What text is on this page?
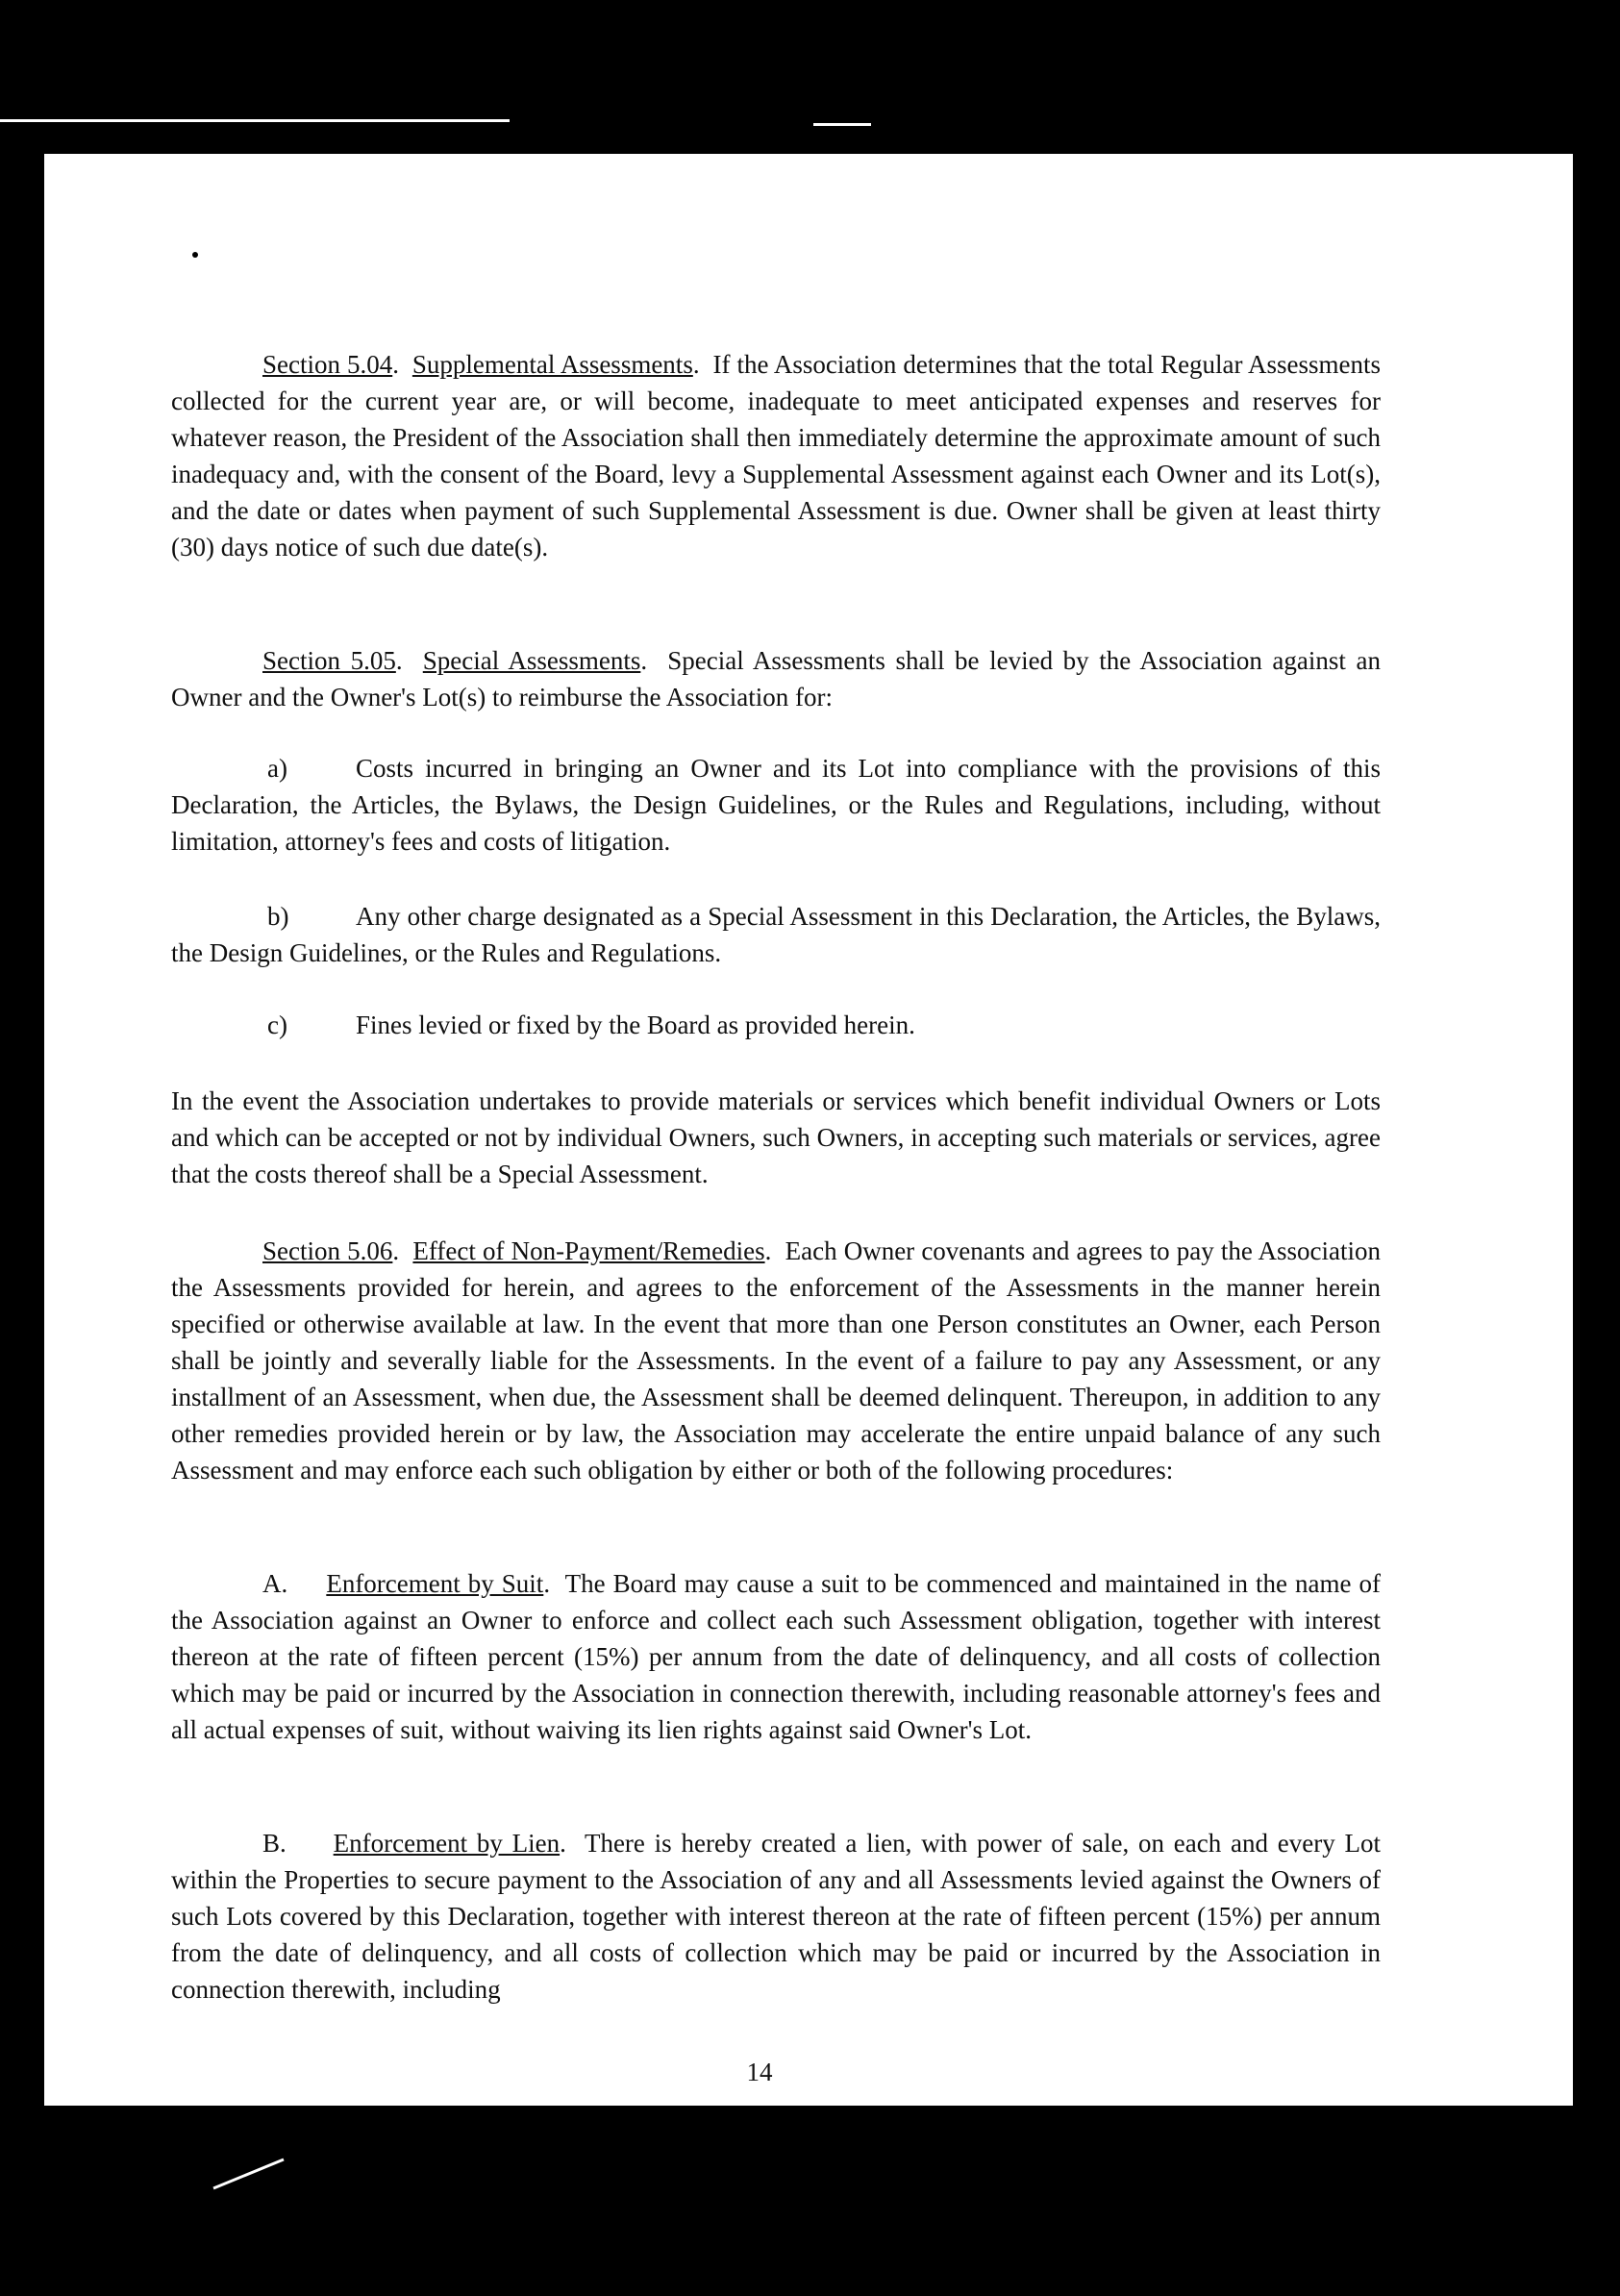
Section 5.04.  Supplemental Assessments.  If the Association determines that the total Regular Assessments collected for the current year are, or will become, inadequate to meet anticipated expenses and reserves for whatever reason, the President of the Association shall then immediately determine the approximate amount of such inadequacy and, with the consent of the Board, levy a Supplemental Assessment against each Owner and its Lot(s), and the date or dates when payment of such Supplemental Assessment is due. Owner shall be given at least thirty (30) days notice of such due date(s).

Section 5.05.  Special Assessments.  Special Assessments shall be levied by the Association against an Owner and the Owner's Lot(s) to reimburse the Association for:

a)	Costs incurred in bringing an Owner and its Lot into compliance with the provisions of this Declaration, the Articles, the Bylaws, the Design Guidelines, or the Rules and Regulations, including, without limitation, attorney's fees and costs of litigation.
b)	Any other charge designated as a Special Assessment in this Declaration, the Articles, the Bylaws, the Design Guidelines, or the Rules and Regulations.
c)	Fines levied or fixed by the Board as provided herein.

In the event the Association undertakes to provide materials or services which benefit individual Owners or Lots and which can be accepted or not by individual Owners, such Owners, in accepting such materials or services, agree that the costs thereof shall be a Special Assessment.

Section 5.06.  Effect of Non-Payment/Remedies.  Each Owner covenants and agrees to pay the Association the Assessments provided for herein, and agrees to the enforcement of the Assessments in the manner herein specified or otherwise available at law. In the event that more than one Person constitutes an Owner, each Person shall be jointly and severally liable for the Assessments. In the event of a failure to pay any Assessment, or any installment of an Assessment, when due, the Assessment shall be deemed delinquent. Thereupon, in addition to any other remedies provided herein or by law, the Association may accelerate the entire unpaid balance of any such Assessment and may enforce each such obligation by either or both of the following procedures:

A. Enforcement by Suit.  The Board may cause a suit to be commenced and maintained in the name of the Association against an Owner to enforce and collect each such Assessment obligation, together with interest thereon at the rate of fifteen percent (15%) per annum from the date of delinquency, and all costs of collection which may be paid or incurred by the Association in connection therewith, including reasonable attorney's fees and all actual expenses of suit, without waiving its lien rights against said Owner's Lot.

B. Enforcement by Lien.  There is hereby created a lien, with power of sale, on each and every Lot within the Properties to secure payment to the Association of any and all Assessments levied against the Owners of such Lots covered by this Declaration, together with interest thereon at the rate of fifteen percent (15%) per annum from the date of delinquency, and all costs of collection which may be paid or incurred by the Association in connection therewith, including

14
10318 989
